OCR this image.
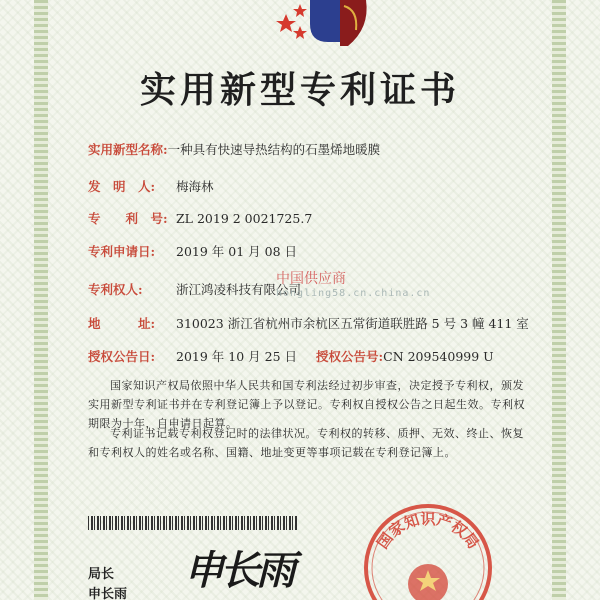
实用新型专利证书
实用新型名称:一种具有快速导热结构的石墨烯地暖膜
发　明　人: 梅海林
专　　利　号: ZL 2019 2 0021725.7
专利申请日: 2019 年 01 月 08 日
专利权人:	浙江鸿凌科技有限公司
地　　　址: 310023 浙江省杭州市余杭区五常街道联胜路 5 号 3 幢 411 室
授权公告日: 2019 年 10 月 25 日 授权公告号:CN 209540999 U
中国供应商
hongling58.cn.china.cn
国家知识产权局依照中华人民共和国专利法经过初步审查，决定授予专利权，颁发实用新型专利证书并在专利登记簿上予以登记。专利权自授权公告之日起生效。专利权期限为十年，自申请日起算。
专利证书记载专利权登记时的法律状况。专利权的转移、质押、无效、终止、恢复和专利权人的姓名或名称、国籍、地址变更等事项记载在专利登记簿上。
局长
申长雨
申长雨
国家知识产权局
